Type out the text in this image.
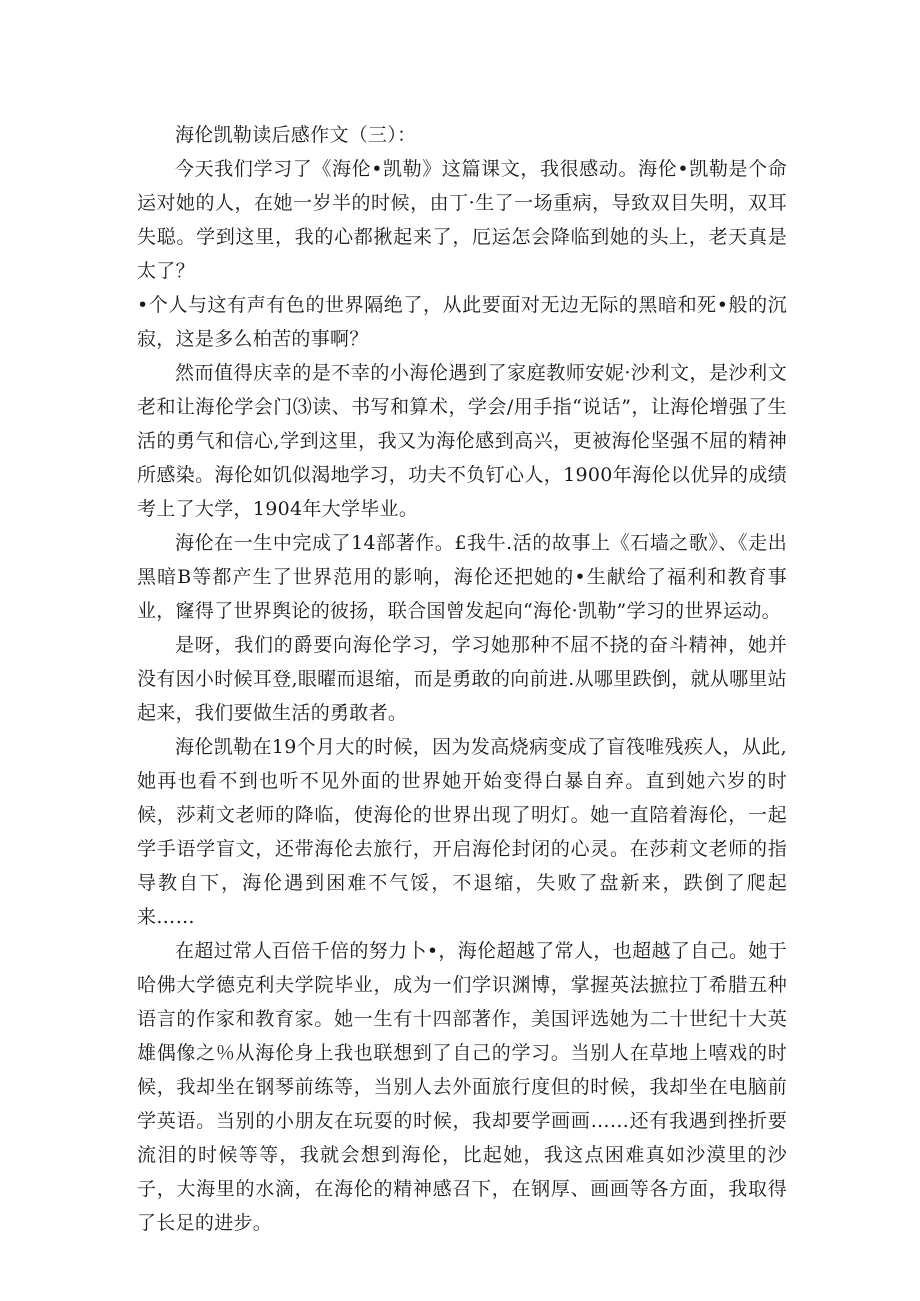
海伦凯勒读后感作文（三）：

今天我们学习了《海伦•凯勒》这篇课文，我很感动。海伦•凯勒是个命运对她的人，在她一岁半的时候，由丁·生了一场重病，导致双目失明，双耳失聪。学到这里，我的心都揪起来了，厄运怎会降临到她的头上，老天真是太了？

•个人与这有声有色的世界隔绝了，从此要面对无边无际的黑暗和死•般的沉寂，这是多么柏苦的事啊？

然而值得庆幸的是不幸的小海伦遇到了家庭教师安妮·沙利文，是沙利文老和让海伦学会门⑶读、书写和算术，学会/用手指“说话”，让海伦增强了生活的勇气和信心,学到这里，我又为海伦感到高兴，更被海伦坚强不屈的精神所感染。海伦如饥似渴地学习，功夫不负钉心人，1900年海伦以优异的成绩考上了大学，1904年大学毕业。

海伦在一生中完成了14部著作。£我牛.活的故事上《石墙之歌》、《走出黑暗B等都产生了世界范用的影响，海伦还把她的•生献给了福利和教育事业，窿得了世界舆论的彼扬，联合国曾发起向“海伦·凯勒”学习的世界运动。

是呀，我们的爵要向海伦学习，学习她那种不屈不挠的奋斗精神，她并没有因小时候耳登,眼曜而退缩，而是勇敢的向前进.从哪里跌倒，就从哪里站起来，我们要做生活的勇敢者。

海伦凯勒在19个月大的时候，因为发高烧病变成了盲筏唯残疾人，从此,她再也看不到也听不见外面的世界她开始变得白暴自弃。直到她六岁的时候，莎莉文老师的降临，使海伦的世界出现了明灯。她一直陪着海伦，一起学手语学盲文，还带海伦去旅行，开启海伦封闭的心灵。在莎莉文老师的指导教自下，海伦遇到困难不气馁，不退缩，失败了盘新来，跌倒了爬起来……

在超过常人百倍千倍的努力卜•，海伦超越了常人，也超越了自己。她于哈佛大学德克利夫学院毕业，成为一们学识渊博，掌握英法摭拉丁希腊五种语言的作家和教育家。她一生有十四部著作，美国评选她为二十世纪十大英雄偶像之％从海伦身上我也联想到了自己的学习。当别人在草地上嘻戏的时候，我却坐在钢琴前练等，当别人去外面旅行度但的时候，我却坐在电脑前学英语。当别的小朋友在玩耍的时候，我却要学画画……还有我遇到挫折要流泪的时候等等，我就会想到海伦，比起她，我这点困难真如沙漠里的沙子，大海里的水滴，在海伦的精神感召下，在钢厚、画画等各方面，我取得了长足的进步。
